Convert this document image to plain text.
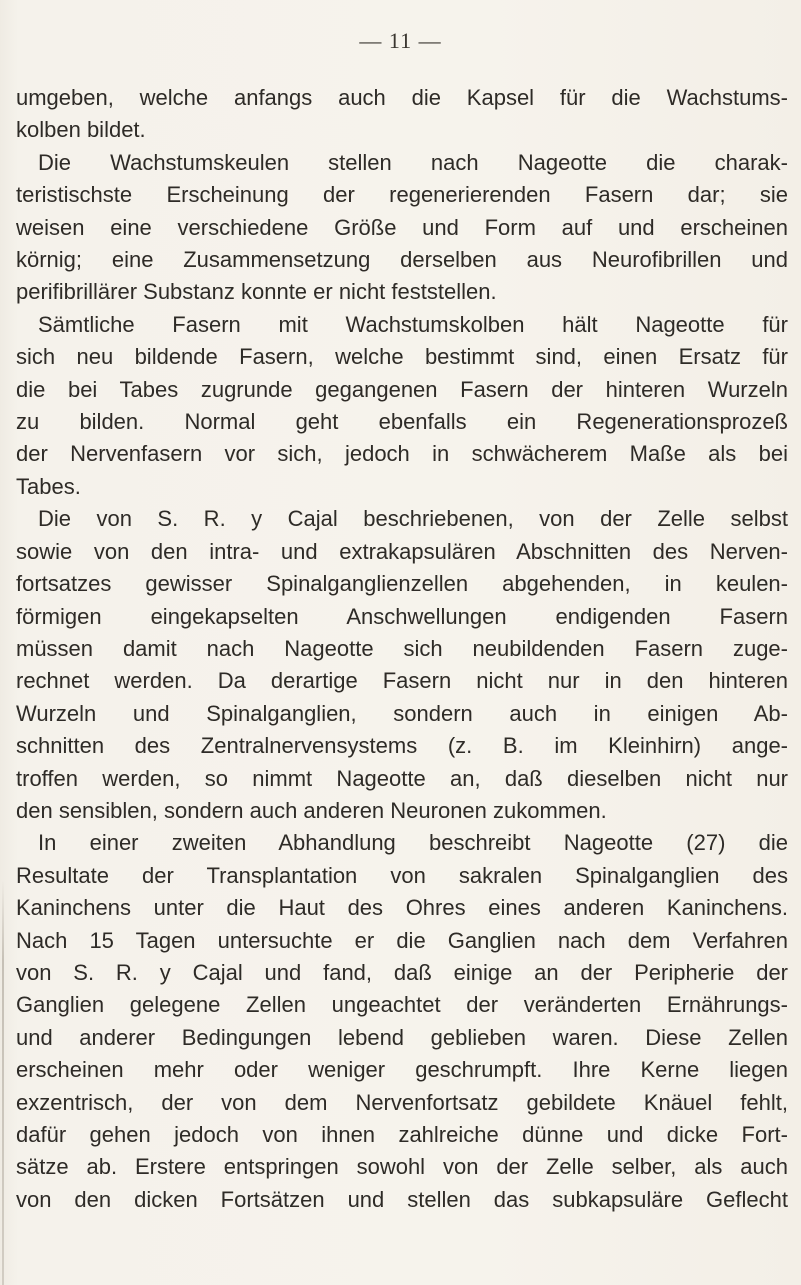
— 11 —

umgeben, welche anfangs auch die Kapsel für die Wachstums-
kolben bildet.

Die Wachstumskeulen stellen nach Nageotte die charak-
teristischste Erscheinung der regenerierenden Fasern dar; sie
weisen eine verschiedene Größe und Form auf und erscheinen
körnig; eine Zusammensetzung derselben aus Neurofibrillen und
perifibrillärer Substanz konnte er nicht feststellen.

Sämtliche Fasern mit Wachstumskolben hält Nageotte für
sich neu bildende Fasern, welche bestimmt sind, einen Ersatz für
die bei Tabes zugrunde gegangenen Fasern der hinteren Wurzeln
zu bilden. Normal geht ebenfalls ein Regenerationsprozeß
der Nervenfasern vor sich, jedoch in schwächerem Maße als bei
Tabes.

Die von S. R. y Cajal beschriebenen, von der Zelle selbst
sowie von den intra- und extrakapsulären Abschnitten des Nerven-
fortsatzes gewisser Spinalganglienzellen abgehenden, in keulen-
förmigen eingekapselten Anschwellungen endigenden Fasern
müssen damit nach Nageotte sich neubildenden Fasern zuge-
rechnet werden. Da derartige Fasern nicht nur in den hinteren
Wurzeln und Spinalganglien, sondern auch in einigen Ab-
schnitten des Zentralnervensystems (z. B. im Kleinhirn) ange-
troffen werden, so nimmt Nageotte an, daß dieselben nicht nur
den sensiblen, sondern auch anderen Neuronen zukommen.

In einer zweiten Abhandlung beschreibt Nageotte (27) die
Resultate der Transplantation von sakralen Spinalganglien des
Kaninchens unter die Haut des Ohres eines anderen Kaninchens.
Nach 15 Tagen untersuchte er die Ganglien nach dem Verfahren
von S. R. y Cajal und fand, daß einige an der Peripherie der
Ganglien gelegene Zellen ungeachtet der veränderten Ernährungs-
und anderer Bedingungen lebend geblieben waren. Diese Zellen
erscheinen mehr oder weniger geschrumpft. Ihre Kerne liegen
exzentrisch, der von dem Nervenfortsatz gebildete Knäuel fehlt,
dafür gehen jedoch von ihnen zahlreiche dünne und dicke Fort-
sätze ab. Erstere entspringen sowohl von der Zelle selber, als auch
von den dicken Fortsätzen und stellen das subkapsuläre Geflecht
